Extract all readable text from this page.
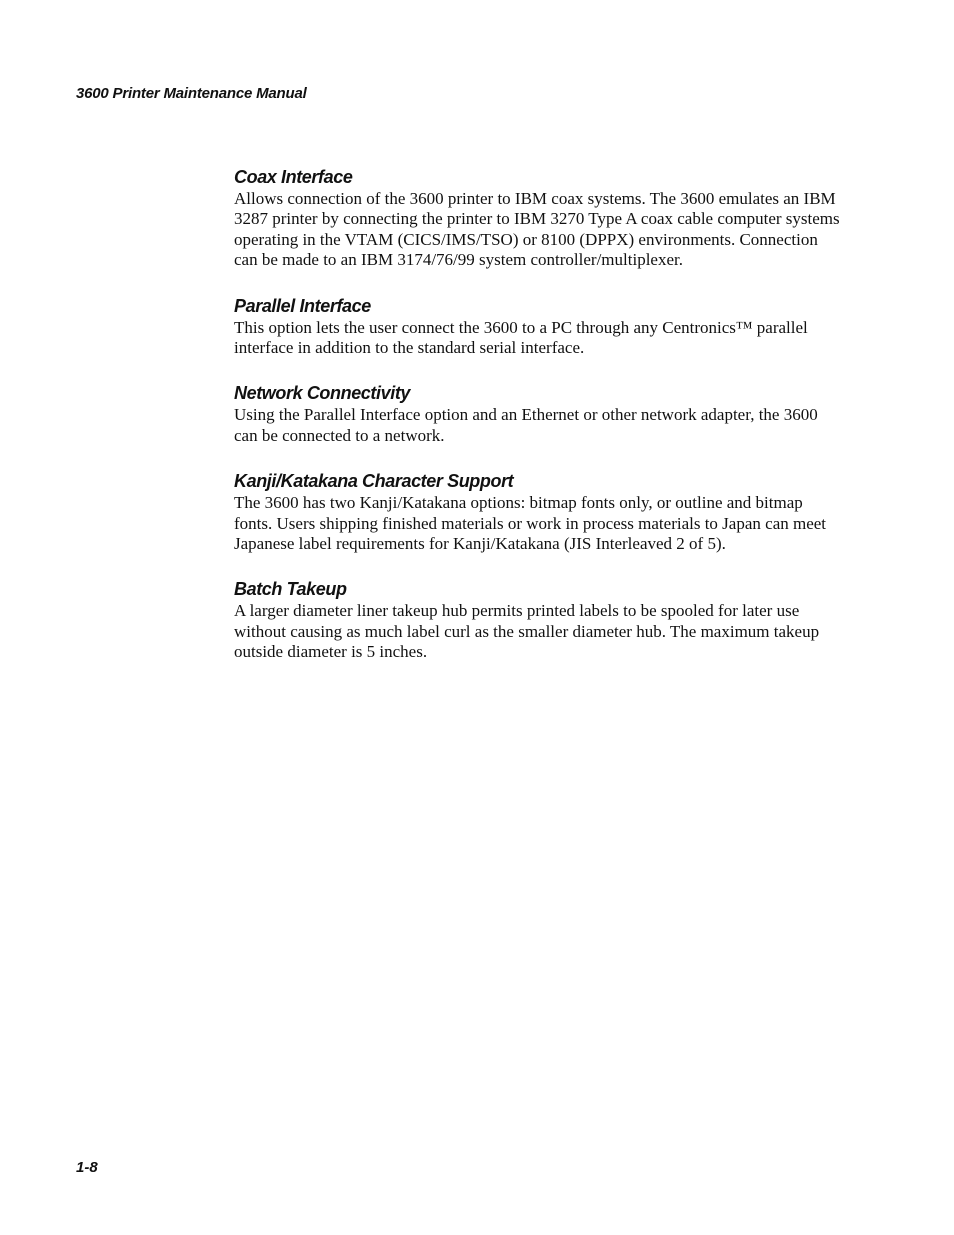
3600 Printer Maintenance Manual

Coax Interface

Allows connection of the 3600 printer to IBM coax systems. The 3600 emulates an IBM 3287 printer by connecting the printer to IBM 3270 Type A coax cable computer systems operating in the VTAM (CICS/IMS/TSO) or 8100 (DPPX) environments. Connection can be made to an IBM 3174/76/99 system controller/multiplexer.

Parallel Interface

This option lets the user connect the 3600 to a PC through any Centronics™ parallel interface in addition to the standard serial interface.

Network Connectivity

Using the Parallel Interface option and an Ethernet or other network adapter, the 3600 can be connected to a network.

Kanji/Katakana Character Support

The 3600 has two Kanji/Katakana options: bitmap fonts only, or outline and bitmap fonts. Users shipping finished materials or work in process materials to Japan can meet Japanese label requirements for Kanji/Katakana (JIS Interleaved 2 of 5).

Batch Takeup

A larger diameter liner takeup hub permits printed labels to be spooled for later use without causing as much label curl as the smaller diameter hub. The maximum takeup outside diameter is 5 inches.

1-8
